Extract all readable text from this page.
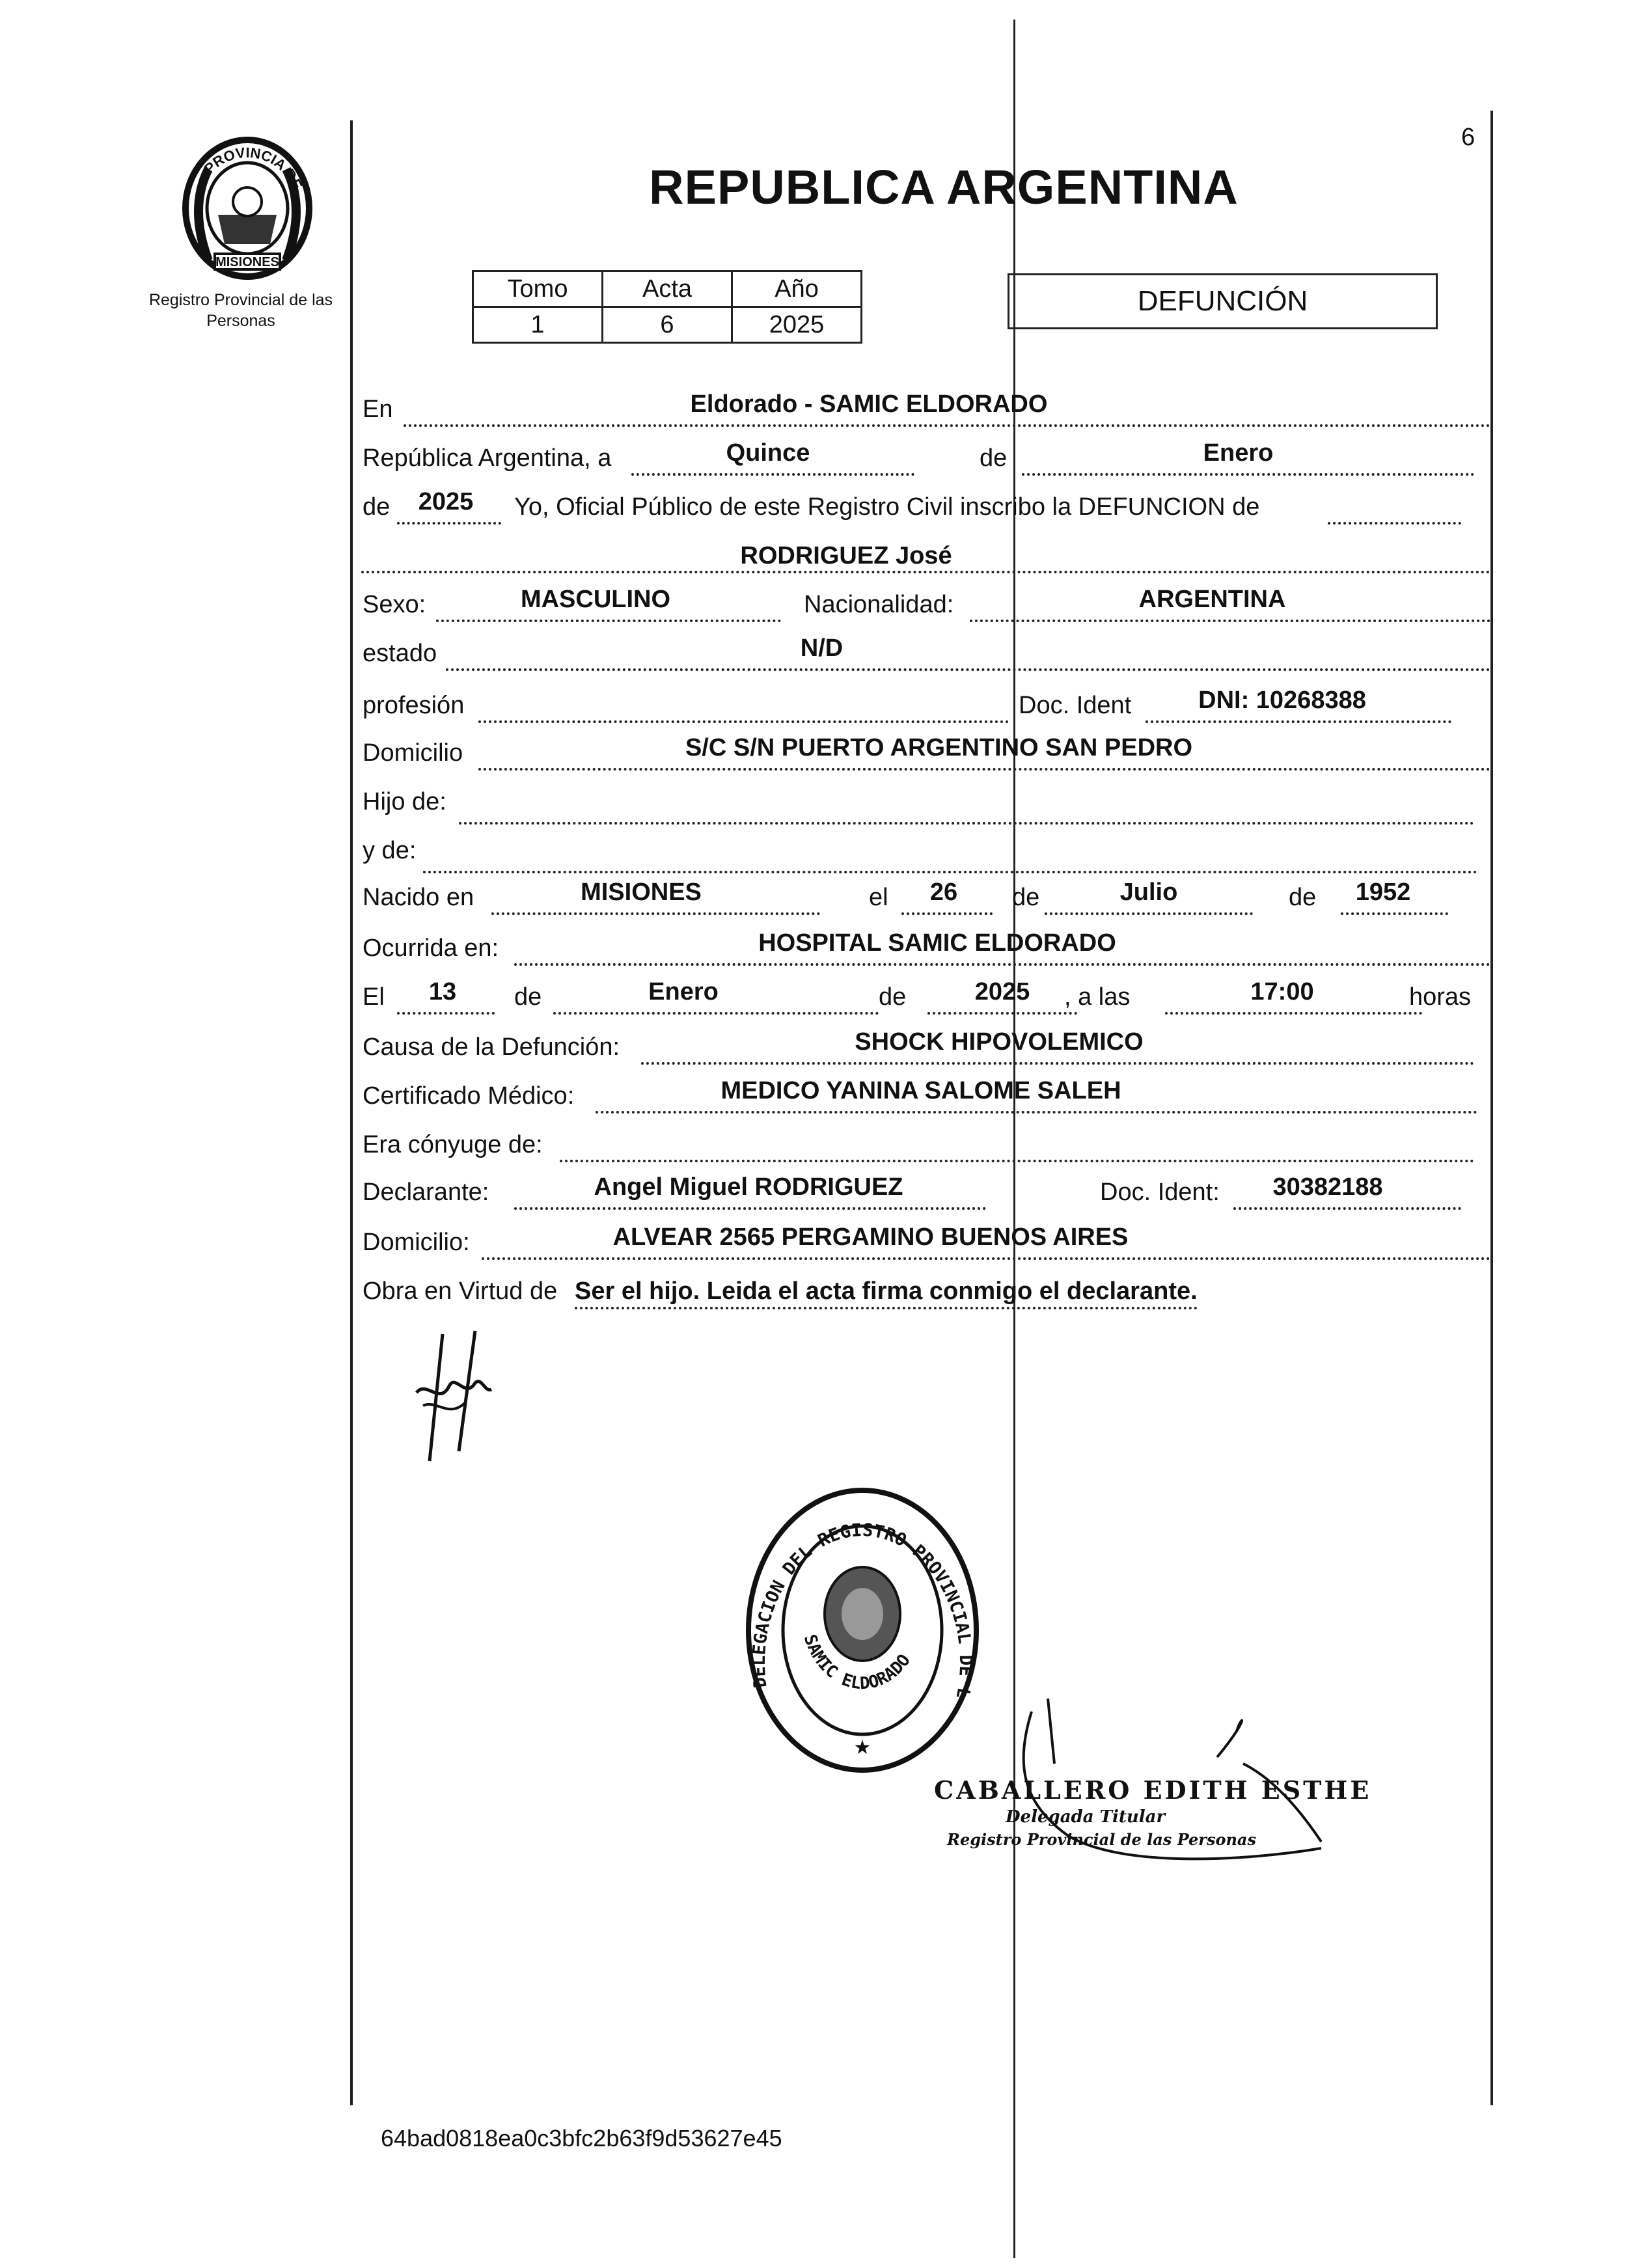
PROVINCIA DE
MISIONES
Registro Provincial de las Personas
REPUBLICA ARGENTINA
6
Tomo	Acta	Año
1	6	2025
DEFUNCIÓN
En	Eldorado - SAMIC ELDORADO
República Argentina, a	Quince	de	Enero
de	2025	Yo, Oficial Público de este Registro Civil inscribo la DEFUNCION de
RODRIGUEZ José
Sexo:	MASCULINO	Nacionalidad:	ARGENTINA
estado	N/D
profesión	Doc. Ident	DNI: 10268388
Domicilio	S/C S/N PUERTO ARGENTINO SAN PEDRO
Hijo de:
y de:
Nacido en	MISIONES	el	26	de	Julio	de	1952
Ocurrida en:	HOSPITAL SAMIC ELDORADO
El	13	de	Enero	de	2025	, a las	17:00	horas
Causa de la Defunción:	SHOCK HIPOVOLEMICO
Certificado Médico:	MEDICO YANINA SALOME SALEH
Era cónyuge de:
Declarante:	Angel Miguel RODRIGUEZ	Doc. Ident:	30382188
Domicilio:	ALVEAR 2565 PERGAMINO BUENOS AIRES
Obra en Virtud de Ser el hijo. Leida el acta firma conmigo el declarante.
DELEGACION DEL REGISTRO PROVINCIAL DE L
SAMIC ELDORADO
★
CABALLERO EDITH ESTHE
Delegada Titular
Registro Provincial de las Personas
64bad0818ea0c3bfc2b63f9d53627e45
